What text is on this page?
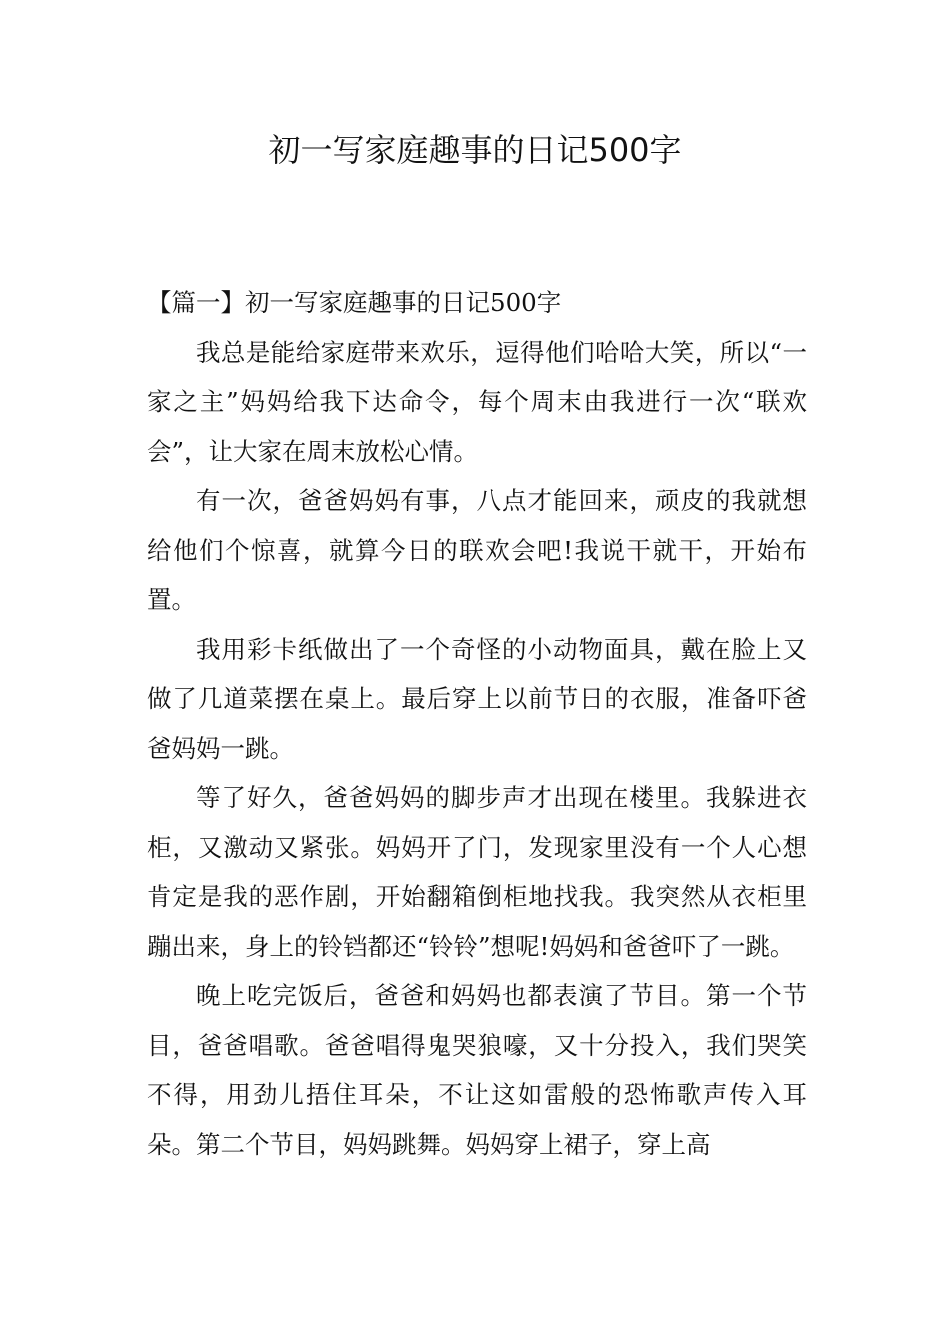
初一写家庭趣事的日记500字

【篇一】初一写家庭趣事的日记500字

我总是能给家庭带来欢乐，逗得他们哈哈大笑，所以“一家之主”妈妈给我下达命令，每个周末由我进行一次“联欢会”，让大家在周末放松心情。

有一次，爸爸妈妈有事，八点才能回来，顽皮的我就想给他们个惊喜，就算今日的联欢会吧!我说干就干，开始布置。

我用彩卡纸做出了一个奇怪的小动物面具，戴在脸上又做了几道菜摆在桌上。最后穿上以前节日的衣服，准备吓爸爸妈妈一跳。

等了好久，爸爸妈妈的脚步声才出现在楼里。我躲进衣柜，又激动又紧张。妈妈开了门，发现家里没有一个人心想肯定是我的恶作剧，开始翻箱倒柜地找我。我突然从衣柜里蹦出来，身上的铃铛都还“铃铃”想呢!妈妈和爸爸吓了一跳。

晚上吃完饭后，爸爸和妈妈也都表演了节目。第一个节目，爸爸唱歌。爸爸唱得鬼哭狼嚎，又十分投入，我们哭笑不得，用劲儿捂住耳朵，不让这如雷般的恐怖歌声传入耳朵。第二个节目，妈妈跳舞。妈妈穿上裙子，穿上高
